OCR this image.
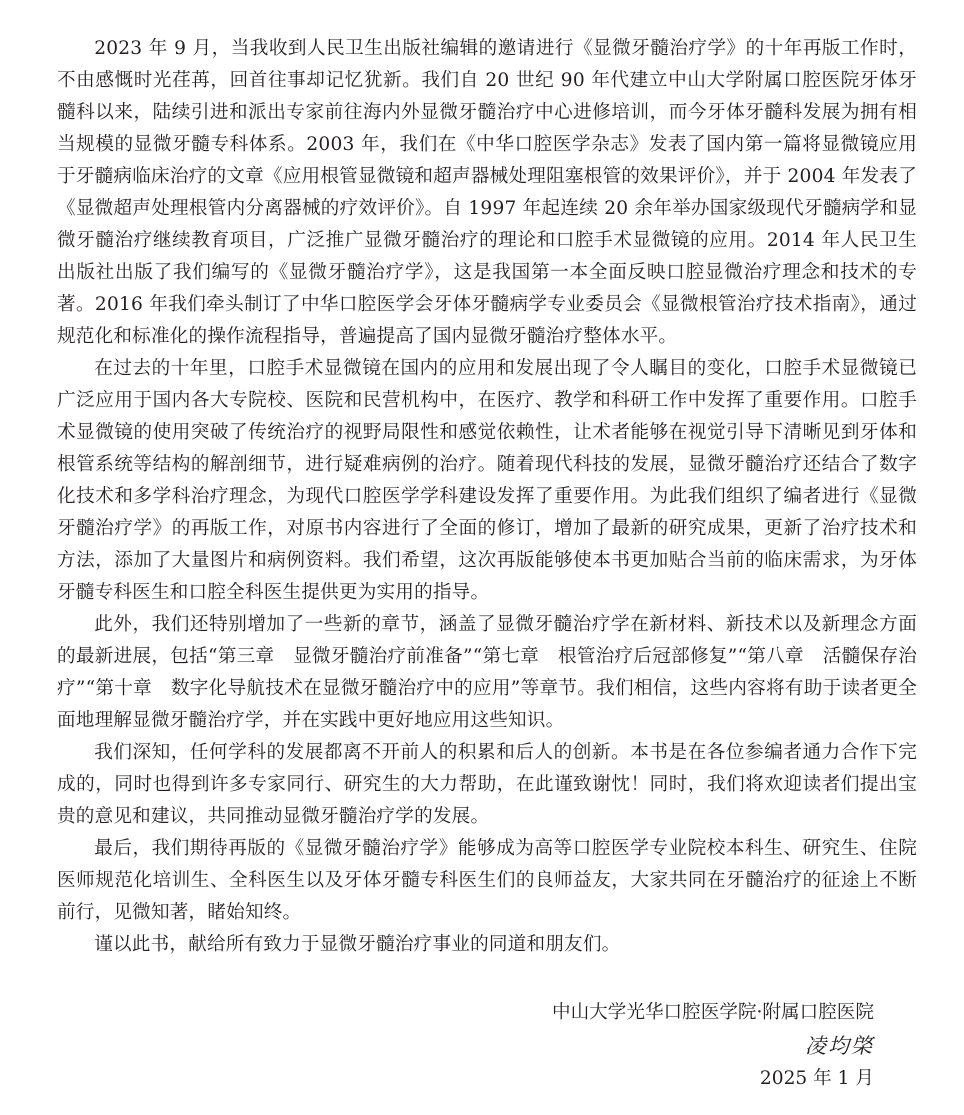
2023 年 9 月，当我收到人民卫生出版社编辑的邀请进行《显微牙髓治疗学》的十年再版工作时，不由感慨时光荏苒，回首往事却记忆犹新。我们自 20 世纪 90 年代建立中山大学附属口腔医院牙体牙髓科以来，陆续引进和派出专家前往海内外显微牙髓治疗中心进修培训，而今牙体牙髓科发展为拥有相当规模的显微牙髓专科体系。2003 年，我们在《中华口腔医学杂志》发表了国内第一篇将显微镜应用于牙髓病临床治疗的文章《应用根管显微镜和超声器械处理阻塞根管的效果评价》，并于 2004 年发表了《显微超声处理根管内分离器械的疗效评价》。自 1997 年起连续 20 余年举办国家级现代牙髓病学和显微牙髓治疗继续教育项目，广泛推广显微牙髓治疗的理论和口腔手术显微镜的应用。2014 年人民卫生出版社出版了我们编写的《显微牙髓治疗学》，这是我国第一本全面反映口腔显微治疗理念和技术的专著。2016 年我们牵头制订了中华口腔医学会牙体牙髓病学专业委员会《显微根管治疗技术指南》，通过规范化和标准化的操作流程指导，普遍提高了国内显微牙髓治疗整体水平。

在过去的十年里，口腔手术显微镜在国内的应用和发展出现了令人瞩目的变化，口腔手术显微镜已广泛应用于国内各大专院校、医院和民营机构中，在医疗、教学和科研工作中发挥了重要作用。口腔手术显微镜的使用突破了传统治疗的视野局限性和感觉依赖性，让术者能够在视觉引导下清晰见到牙体和根管系统等结构的解剖细节，进行疑难病例的治疗。随着现代科技的发展，显微牙髓治疗还结合了数字化技术和多学科治疗理念，为现代口腔医学学科建设发挥了重要作用。为此我们组织了编者进行《显微牙髓治疗学》的再版工作，对原书内容进行了全面的修订，增加了最新的研究成果，更新了治疗技术和方法，添加了大量图片和病例资料。我们希望，这次再版能够使本书更加贴合当前的临床需求，为牙体牙髓专科医生和口腔全科医生提供更为实用的指导。

此外，我们还特别增加了一些新的章节，涵盖了显微牙髓治疗学在新材料、新技术以及新理念方面的最新进展，包括“第三章　显微牙髓治疗前准备”“第七章　根管治疗后冠部修复”“第八章　活髓保存治疗”“第十章　数字化导航技术在显微牙髓治疗中的应用”等章节。我们相信，这些内容将有助于读者更全面地理解显微牙髓治疗学，并在实践中更好地应用这些知识。

我们深知，任何学科的发展都离不开前人的积累和后人的创新。本书是在各位参编者通力合作下完成的，同时也得到许多专家同行、研究生的大力帮助，在此谨致谢忱！同时，我们将欢迎读者们提出宝贵的意见和建议，共同推动显微牙髓治疗学的发展。

最后，我们期待再版的《显微牙髓治疗学》能够成为高等口腔医学专业院校本科生、研究生、住院医师规范化培训生、全科医生以及牙体牙髓专科医生们的良师益友，大家共同在牙髓治疗的征途上不断前行，见微知著，睹始知终。

谨以此书，献给所有致力于显微牙髓治疗事业的同道和朋友们。

中山大学光华口腔医学院·附属口腔医院
凌均棨
2025 年 1 月
